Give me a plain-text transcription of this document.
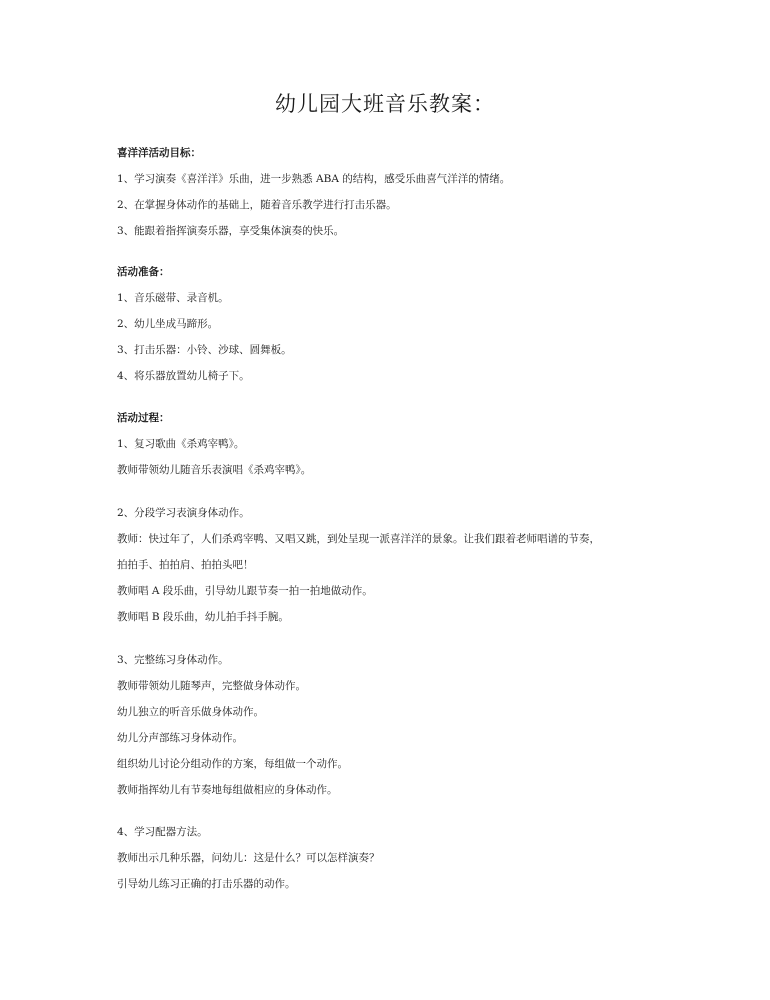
幼儿园大班音乐教案：

喜洋洋活动目标：

1、学习演奏《喜洋洋》乐曲，进一步熟悉 ABA 的结构，感受乐曲喜气洋洋的情绪。

2、在掌握身体动作的基础上，随着音乐教学进行打击乐器。

3、能跟着指挥演奏乐器，享受集体演奏的快乐。

活动准备：

1、音乐磁带、录音机。

2、幼儿坐成马蹄形。

3、打击乐器：小铃、沙球、圆舞板。

4、将乐器放置幼儿椅子下。

活动过程：

1、复习歌曲《杀鸡宰鸭》。

教师带领幼儿随音乐表演唱《杀鸡宰鸭》。

2、分段学习表演身体动作。

教师：快过年了，人们杀鸡宰鸭、又唱又跳，到处呈现一派喜洋洋的景象。让我们跟着老师唱谱的节奏，

拍拍手、拍拍肩、拍拍头吧！

教师唱 A 段乐曲，引导幼儿跟节奏一拍一拍地做动作。

教师唱 B 段乐曲，幼儿拍手抖手腕。

3、完整练习身体动作。

教师带领幼儿随琴声，完整做身体动作。

幼儿独立的听音乐做身体动作。

幼儿分声部练习身体动作。

组织幼儿讨论分组动作的方案，每组做一个动作。

教师指挥幼儿有节奏地每组做相应的身体动作。

4、学习配器方法。

教师出示几种乐器，问幼儿：这是什么？可以怎样演奏？

引导幼儿练习正确的打击乐器的动作。
